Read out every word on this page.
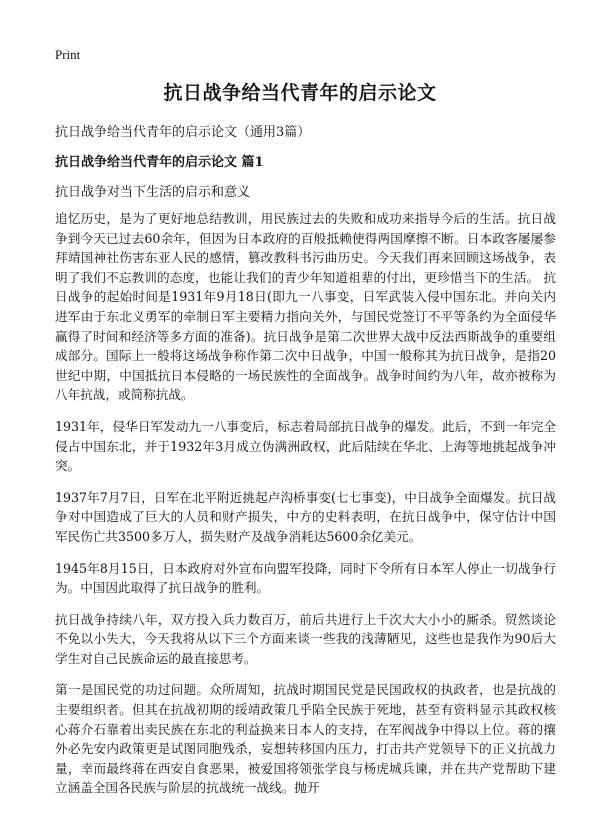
Print
抗日战争给当代青年的启示论文
抗日战争给当代青年的启示论文（通用3篇）
抗日战争给当代青年的启示论文 篇1
抗日战争对当下生活的启示和意义

追忆历史，是为了更好地总结教训，用民族过去的失败和成功来指导今后的生活。抗日战争到今天已过去60余年，但因为日本政府的百般抵赖使得两国摩擦不断。日本政客屡屡参拜靖国神社伤害东亚人民的感情，篡改教科书污曲历史。今天我们再来回顾这场战争，表明了我们不忘教训的态度，也能让我们的青少年知道祖辈的付出，更珍惜当下的生活。 抗日战争的起始时间是1931年9月18日(即九一八事变，日军武装入侵中国东北。并向关内进军由于东北义勇军的牵制日军主要精力指向关外，与国民党签订不平等条约为全面侵华赢得了时间和经济等多方面的准备)。抗日战争是第二次世界大战中反法西斯战争的重要组成部分。国际上一般将这场战争称作第二次中日战争，中国一般称其为抗日战争，是指20世纪中期，中国抵抗日本侵略的一场民族性的全面战争。战争时间约为八年，故亦被称为八年抗战，或简称抗战。

1931年，侵华日军发动九一八事变后，标志着局部抗日战争的爆发。此后，不到一年完全侵占中国东北，并于1932年3月成立伪满洲政权，此后陆续在华北、上海等地挑起战争冲突。

1937年7月7日，日军在北平附近挑起卢沟桥事变(七七事变)，中日战争全面爆发。抗日战争对中国造成了巨大的人员和财产损失，中方的史料表明，在抗日战争中，保守估计中国军民伤亡共3500多万人，损失财产及战争消耗达5600余亿美元。

1945年8月15日，日本政府对外宣布向盟军投降，同时下令所有日本军人停止一切战争行为。中国因此取得了抗日战争的胜利。

抗日战争持续八年，双方投入兵力数百万，前后共进行上千次大大小小的厮杀。贸然谈论不免以小失大，今天我将从以下三个方面来谈一些我的浅薄陋见，这些也是我作为90后大学生对自己民族命运的最直接思考。

第一是国民党的功过问题。众所周知，抗战时期国民党是民国政权的执政者，也是抗战的主要组织者。但其在抗战初期的绥靖政策几乎陷全民族于死地，甚至有资料显示其政权核心蒋介石靠着出卖民族在东北的利益换来日本人的支持，在军阀战争中得以上位。蒋的攘外必先安内政策更是试图同胞残杀，妄想转移国内压力，打击共产党领导下的正义抗战力量，幸而最终蒋在西安自食恶果，被爱国将领张学良与杨虎城兵谏，并在共产党帮助下建立涵盖全国各民族与阶层的抗战统一战线。抛开
